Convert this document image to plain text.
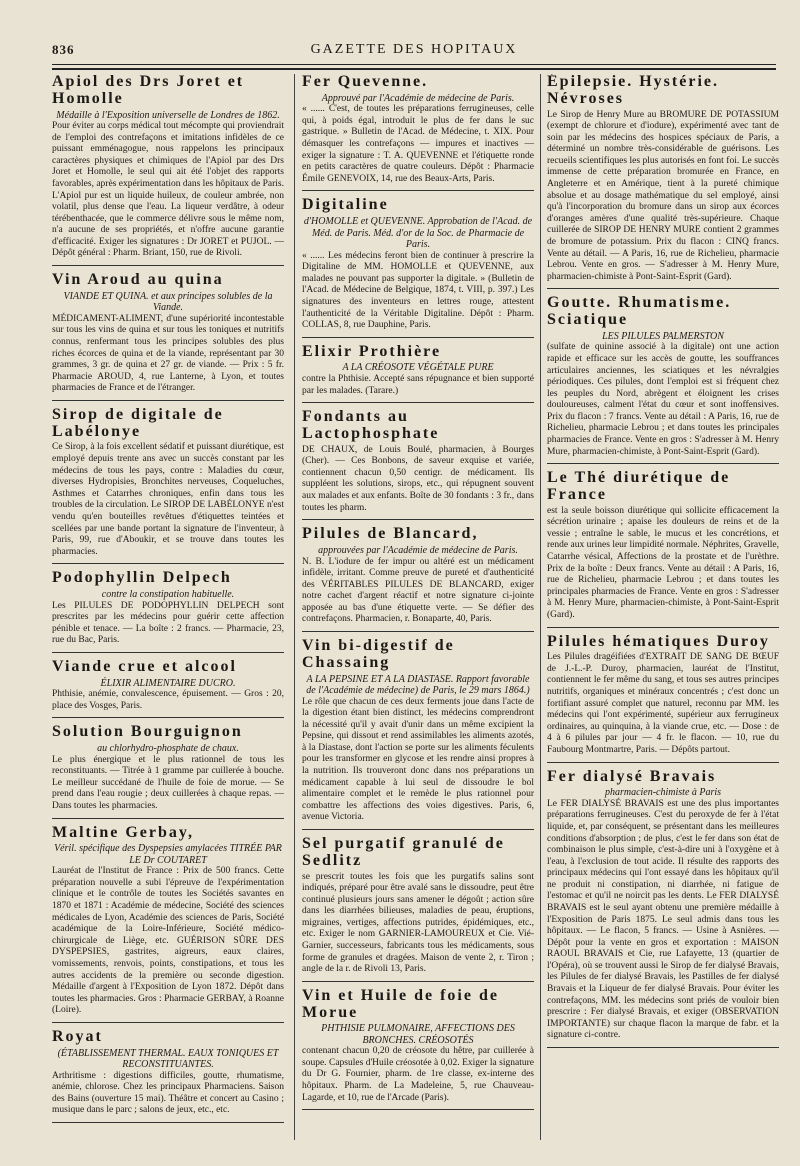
836	GAZETTE DES HOPITAUX
Apiol des Drs Joret et Homolle
Médaille à l'Exposition universelle de Londres de 1862.
Pour éviter au corps médical tout mécompte qui proviendrait de l'emploi des contrefaçons et imitations infidèles de ce puissant emménagogue, nous rappelons les principaux caractères physiques et chimiques de l'Apiol par des Drs Joret et Homolle, le seul qui ait été l'objet des rapports favorables, après expérimentation dans les hôpitaux de Paris. L'Apiol pur est un liquide huileux, de couleur ambrée, non volatil, plus dense que l'eau. La liqueur verdâtre, à odeur térébenthacée, que le commerce délivre sous le même nom, n'a aucune de ses propriétés, et n'offre aucune garantie d'efficacité. Exiger les signatures : Dr JORET et PUJOL. — Dépôt général : Pharm. Briant, 150, rue de Rivoli.
Vin Aroud au quina
VIANDE ET QUINA. et aux principes solubles de la Viande.
MÉDICAMENT-ALIMENT, d'une supériorité incontestable sur tous les vins de quina et sur tous les toniques et nutritifs connus, renfermant tous les principes solubles des plus riches écorces de quina et de la viande, représentant par 30 grammes, 3 gr. de quina et 27 gr. de viande. — Prix : 5 fr. Pharmacie AROUD, 4, rue Lanterne, à Lyon, et toutes pharmacies de France et de l'étranger.
Sirop de digitale de Labélonye
Ce Sirop, à la fois excellent sédatif et puissant diurétique, est employé depuis trente ans avec un succès constant par les médecins de tous les pays, contre : Maladies du cœur, diverses Hydropisies, Bronchites nerveuses, Coqueluches, Asthmes et Catarrhes chroniques, enfin dans tous les troubles de la circulation. Le SIROP DE LABÉLONYE n'est vendu qu'en bouteilles revêtues d'étiquettes teintées et scellées par une bande portant la signature de l'inventeur, à Paris, 99, rue d'Aboukir, et se trouve dans toutes les pharmacies.
Podophyllin Delpech
contre la constipation habituelle.
Les PILULES DE PODOPHYLLIN DELPECH sont prescrites par les médecins pour guérir cette affection pénible et tenace. — La boîte : 2 francs. — Pharmacie, 23, rue du Bac, Paris.
Viande crue et alcool
ÉLIXIR ALIMENTAIRE DUCRO.
Phthisie, anémie, convalescence, épuisement. — Gros : 20, place des Vosges, Paris.
Solution Bourguignon
au chlorhydro-phosphate de chaux.
Le plus énergique et le plus rationnel de tous les reconstituants. — Titrée à 1 gramme par cuillerée à bouche. Le meilleur succédané de l'huile de foie de morue. — Se prend dans l'eau rougie ; deux cuillerées à chaque repas. — Dans toutes les pharmacies.
Maltine Gerbay,
Véril. spécifique des Dyspepsies amylacées TITRÉE PAR LE Dr COUTARET
Lauréat de l'Institut de France : Prix de 500 francs. Cette préparation nouvelle a subi l'épreuve de l'expérimentation clinique et le contrôle de toutes les Sociétés savantes en 1870 et 1871 : Académie de médecine, Société des sciences médicales de Lyon, Académie des sciences de Paris, Société académique de la Loire-Inférieure, Société médico-chirurgicale de Liège, etc. GUÉRISON SÛRE DES DYSPEPSIES, gastrites, aigreurs, eaux claires, vomissements, renvois, points, constipations, et tous les autres accidents de la première ou seconde digestion. Médaille d'argent à l'Exposition de Lyon 1872. Dépôt dans toutes les pharmacies. Gros : Pharmacie GERBAY, à Roanne (Loire).
Royat
(ÉTABLISSEMENT THERMAL. EAUX TONIQUES ET RECONSTITUANTES.
Arthritisme : digestions difficiles, goutte, rhumatisme, anémie, chlorose. Chez les principaux Pharmaciens. Saison des Bains (ouverture 15 mai). Théâtre et concert au Casino ; musique dans le parc ; salons de jeux, etc., etc.
Fer Quevenne.
Approuvé par l'Académie de médecine de Paris.
« ...... C'est, de toutes les préparations ferrugineuses, celle qui, à poids égal, introduit le plus de fer dans le suc gastrique. » Bulletin de l'Acad. de Médecine, t. XIX. Pour démasquer les contrefaçons — impures et inactives — exiger la signature : T. A. QUEVENNE et l'étiquette ronde en petits caractères de quatre couleurs. Dépôt : Pharmacie Émile GENEVOIX, 14, rue des Beaux-Arts, Paris.
Digitaline
d'HOMOLLE et QUEVENNE. Approbation de l'Acad. de Méd. de Paris. Méd. d'or de la Soc. de Pharmacie de Paris.
« ...... Les médecins feront bien de continuer à prescrire la Digitaline de MM. HOMOLLE et QUEVENNE, aux malades ne pouvant pas supporter la digitale. » (Bulletin de l'Acad. de Médecine de Belgique, 1874, t. VIII, p. 397.) Les signatures des inventeurs en lettres rouge, attestent l'authenticité de la Véritable Digitaline. Dépôt : Pharm. COLLAS, 8, rue Dauphine, Paris.
Elixir Prothière
A LA CRÉOSOTE VÉGÉTALE PURE
contre la Phthisie. Accepté sans répugnance et bien supporté par les malades. (Tarare.)
Fondants au Lactophosphate
DE CHAUX, de Louis Boulé, pharmacien, à Bourges (Cher). — Ces Bonbons, de saveur exquise et variée, contiennent chacun 0,50 centigr. de médicament. Ils suppléent les solutions, sirops, etc., qui répugnent souvent aux malades et aux enfants. Boîte de 30 fondants : 3 fr., dans toutes les pharm.
Pilules de Blancard,
approuvées par l'Académie de médecine de Paris.
N. B. L'iodure de fer impur ou altéré est un médicament infidèle, irritant. Comme preuve de pureté et d'authenticité des VÉRITABLES PILULES DE BLANCARD, exiger notre cachet d'argent réactif et notre signature ci-jointe apposée au bas d'une étiquette verte. — Se défier des contrefaçons. Pharmacien, r. Bonaparte, 40, Paris.
Vin bi-digestif de Chassaing
A LA PEPSINE ET A LA DIASTASE. Rapport favorable de l'Académie de médecine) de Paris, le 29 mars 1864.)
Le rôle que chacun de ces deux ferments joue dans l'acte de la digestion étant bien distinct, les médecins comprendront la nécessité qu'il y avait d'unir dans un même excipient la Pepsine, qui dissout et rend assimilables les aliments azotés, à la Diastase, dont l'action se porte sur les aliments féculents pour les transformer en glycose et les rendre ainsi propres à la nutrition. Ils trouveront donc dans nos préparations un médicament capable à lui seul de dissoudre le bol alimentaire complet et le remède le plus rationnel pour combattre les affections des voies digestives. Paris, 6, avenue Victoria.
Sel purgatif granulé de Sedlitz
se prescrit toutes les fois que les purgatifs salins sont indiqués, préparé pour être avalé sans le dissoudre, peut être continué plusieurs jours sans amener le dégoût ; action sûre dans les diarrhées bilieuses, maladies de peau, éruptions, migraines, vertiges, affections putrides, épidémiques, etc., etc. Exiger le nom GARNIER-LAMOUREUX et Cie. Vié-Garnier, successeurs, fabricants tous les médicaments, sous forme de granules et dragées. Maison de vente 2, r. Tiron ; angle de la r. de Rivoli 13, Paris.
Vin et Huile de foie de Morue
PHTHISIE PULMONAIRE, AFFECTIONS DES BRONCHES. CRÉOSOTÉS
contenant chacun 0,20 de créosote du hêtre, par cuillerée à soupe. Capsules d'Huile créosotée à 0,02. Exiger la signature du Dr G. Fournier, pharm. de 1re classe, ex-interne des hôpitaux. Pharm. de La Madeleine, 5, rue Chauveau-Lagarde, et 10, rue de l'Arcade (Paris).
Épilepsie. Hystérie. Névroses
Le Sirop de Henry Mure au BROMURE DE POTASSIUM (exempt de chlorure et d'iodure), expérimenté avec tant de soin par les médecins des hospices spéciaux de Paris, a déterminé un nombre très-considérable de guérisons. Les recueils scientifiques les plus autorisés en font foi. Le succès immense de cette préparation bromurée en France, en Angleterre et en Amérique, tient à la pureté chimique absolue et au dosage mathématique du sel employé, ainsi qu'à l'incorporation du bromure dans un sirop aux écorces d'oranges amères d'une qualité très-supérieure. Chaque cuillerée de SIROP DE HENRY MURE contient 2 grammes de bromure de potassium. Prix du flacon : CINQ francs. Vente au détail. — A Paris, 16, rue de Richelieu, pharmacie Lebrou. Vente en gros. — S'adresser à M. Henry Mure, pharmacien-chimiste à Pont-Saint-Esprit (Gard).
Goutte. Rhumatisme. Sciatique
LES PILULES PALMERSTON
(sulfate de quinine associé à la digitale) ont une action rapide et efficace sur les accès de goutte, les souffrances articulaires anciennes, les sciatiques et les névralgies périodiques. Ces pilules, dont l'emploi est si fréquent chez les peuples du Nord, abrègent et éloignent les crises douloureuses, calment l'état du cœur et sont inoffensives. Prix du flacon : 7 francs. Vente au détail : A Paris, 16, rue de Richelieu, pharmacie Lebrou ; et dans toutes les principales pharmacies de France. Vente en gros : S'adresser à M. Henry Mure, pharmacien-chimiste, à Pont-Saint-Esprit (Gard).
Le Thé diurétique de France
est la seule boisson diurétique qui sollicite efficacement la sécrétion urinaire ; apaise les douleurs de reins et de la vessie ; entraîne le sable, le mucus et les concrétions, et rende aux urines leur limpidité normale. Néphrites, Gravelle, Catarrhe vésical, Affections de la prostate et de l'urèthre. Prix de la boîte : Deux francs. Vente au détail : A Paris, 16, rue de Richelieu, pharmacie Lebrou ; et dans toutes les principales pharmacies de France. Vente en gros : S'adresser à M. Henry Mure, pharmacien-chimiste, à Pont-Saint-Esprit (Gard).
Pilules hématiques Duroy
Les Pilules dragéifiées d'EXTRAIT DE SANG DE BŒUF de J.-L.-P. Duroy, pharmacien, lauréat de l'Institut, contiennent le fer même du sang, et tous ses autres principes nutritifs, organiques et minéraux concentrés ; c'est donc un fortifiant assuré complet que naturel, reconnu par MM. les médecins qui l'ont expérimenté, supérieur aux ferrugineux ordinaires, au quinquina, à la viande crue, etc. — Dose : de 4 à 6 pilules par jour — 4 fr. le flacon. — 10, rue du Faubourg Montmartre, Paris. — Dépôts partout.
Fer dialysé Bravais
pharmacien-chimiste à Paris
Le FER DIALYSÉ BRAVAIS est une des plus importantes préparations ferrugineuses. C'est du peroxyde de fer à l'état liquide, et, par conséquent, se présentant dans les meilleures conditions d'absorption ; de plus, c'est le fer dans son état de combinaison le plus simple, c'est-à-dire uni à l'oxygène et à l'eau, à l'exclusion de tout acide. Il résulte des rapports des principaux médecins qui l'ont essayé dans les hôpitaux qu'il ne produit ni constipation, ni diarrhée, ni fatigue de l'estomac et qu'il ne noircit pas les dents. Le FER DIALYSÉ BRAVAIS est le seul ayant obtenu une première médaille à l'Exposition de Paris 1875. Le seul admis dans tous les hôpitaux. — Le flacon, 5 francs. — Usine à Asnières. — Dépôt pour la vente en gros et exportation : MAISON RAOUL BRAVAIS et Cie, rue Lafayette, 13 (quartier de l'Opéra), où se trouvent aussi le Sirop de fer dialysé Bravais, les Pilules de fer dialysé Bravais, les Pastilles de fer dialysé Bravais et la Liqueur de fer dialysé Bravais. Pour éviter les contrefaçons, MM. les médecins sont priés de vouloir bien prescrire : Fer dialysé Bravais, et exiger (OBSERVATION IMPORTANTE) sur chaque flacon la marque de fabr. et la signature ci-contre.
